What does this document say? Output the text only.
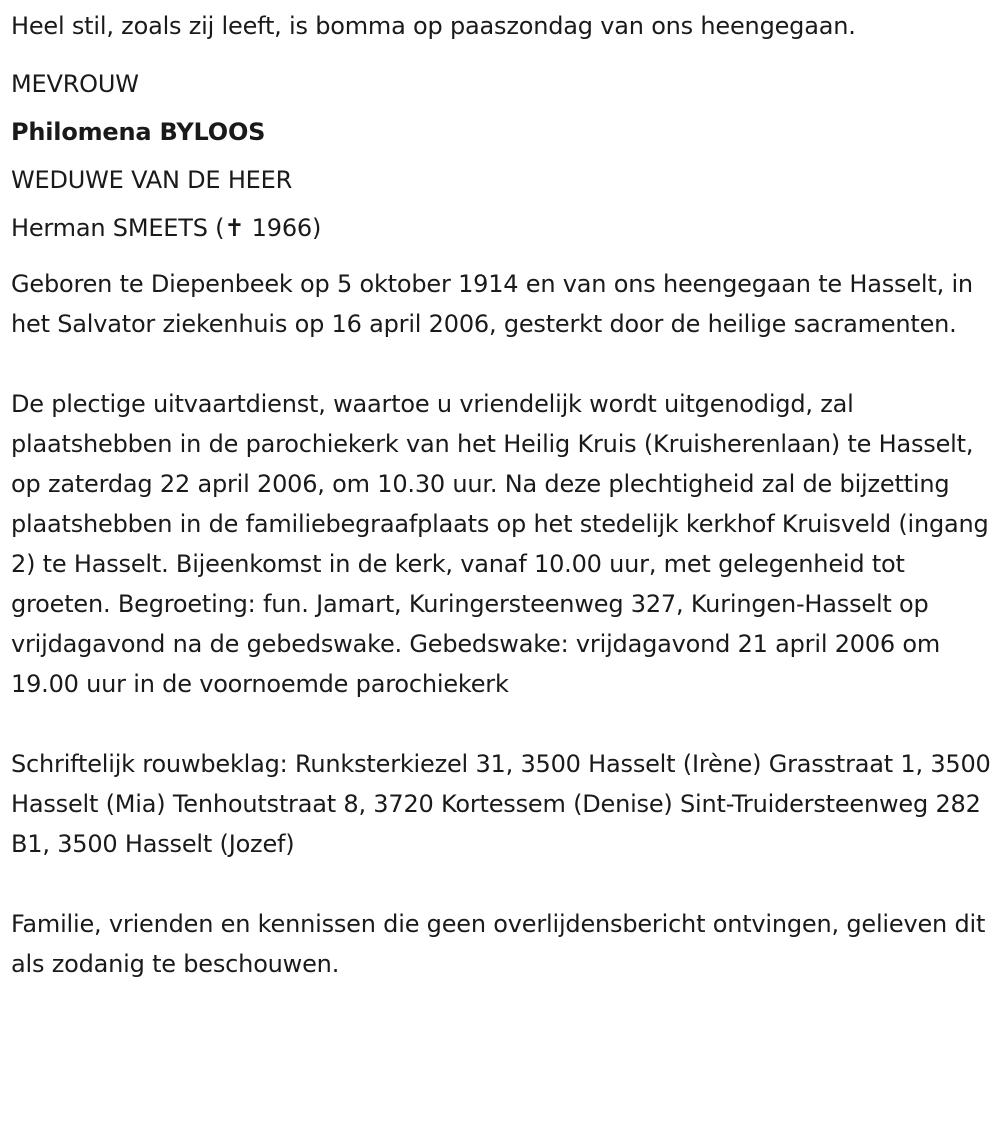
Heel stil, zoals zij leeft, is bomma op paaszondag van ons heengegaan.
MEVROUW
Philomena BYLOOS
WEDUWE VAN DE HEER
Herman SMEETS (✝ 1966)

Geboren te Diepenbeek op 5 oktober 1914 en van ons heengegaan te Hasselt, in het Salvator ziekenhuis op 16 april 2006, gesterkt door de heilige sacramenten.

De plectige uitvaartdienst, waartoe u vriendelijk wordt uitgenodigd, zal plaatshebben in de parochiekerk van het Heilig Kruis (Kruisherenlaan) te Hasselt, op zaterdag 22 april 2006, om 10.30 uur. Na deze plechtigheid zal de bijzetting plaatshebben in de familiebegraafplaats op het stedelijk kerkhof Kruisveld (ingang 2) te Hasselt. Bijeenkomst in de kerk, vanaf 10.00 uur, met gelegenheid tot groeten. Begroeting: fun. Jamart, Kuringersteenweg 327, Kuringen-Hasselt op vrijdagavond na de gebedswake. Gebedswake: vrijdagavond 21 april 2006 om 19.00 uur in de voornoemde parochiekerk

Schriftelijk rouwbeklag: Runksterkiezel 31, 3500 Hasselt (Irène) Grasstraat 1, 3500 Hasselt (Mia) Tenhoutstraat 8, 3720 Kortessem (Denise) Sint-Truidersteenweg 282 B1, 3500 Hasselt (Jozef)

Familie, vrienden en kennissen die geen overlijdensbericht ontvingen, gelieven dit als zodanig te beschouwen.
